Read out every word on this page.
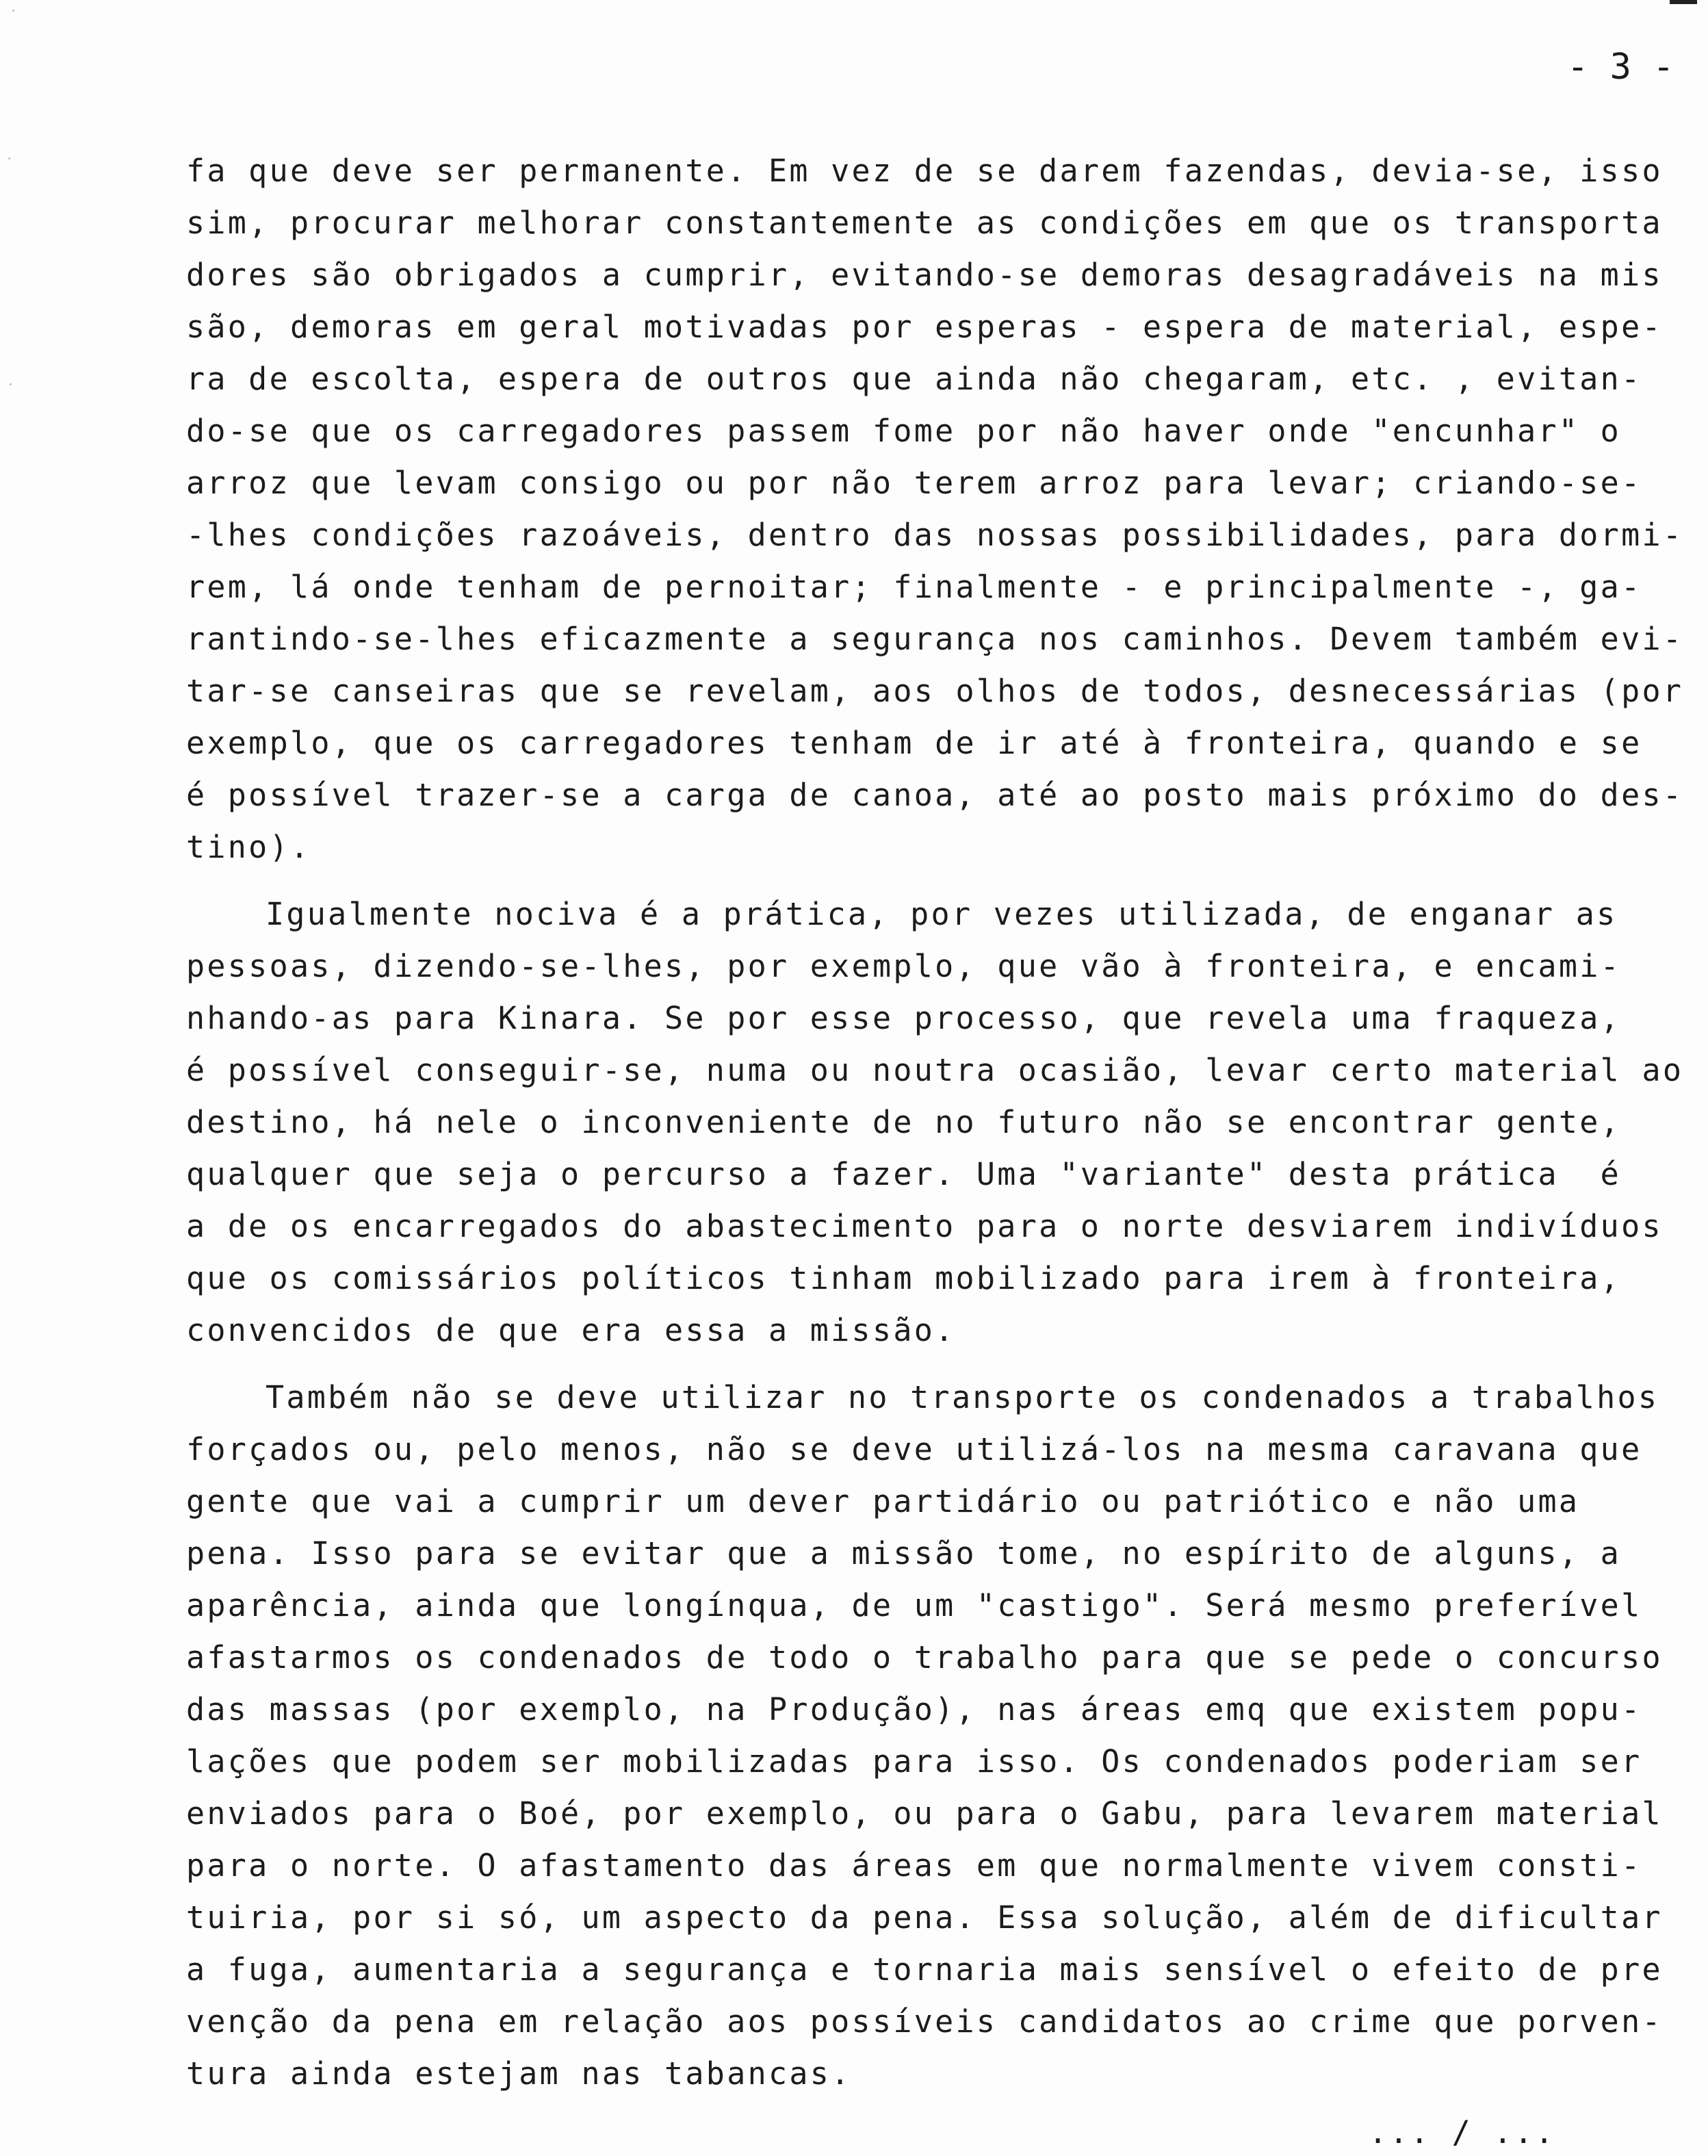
- 3 -
fa que deve ser permanente. Em vez de se darem fazendas, devia-se, isso
sim, procurar melhorar constantemente as condições em que os transporta
dores são obrigados a cumprir, evitando-se demoras desagradáveis na mis
são, demoras em geral motivadas por esperas - espera de material, espe-
ra de escolta, espera de outros que ainda não chegaram, etc. , evitan-
do-se que os carregadores passem fome por não haver onde "encunhar" o
arroz que levam consigo ou por não terem arroz para levar; criando-se-
-lhes condições razoáveis, dentro das nossas possibilidades, para dormi-
rem, lá onde tenham de pernoitar; finalmente - e principalmente -, ga-
rantindo-se-lhes eficazmente a segurança nos caminhos. Devem também evi-
tar-se canseiras que se revelam, aos olhos de todos, desnecessárias (por
exemplo, que os carregadores tenham de ir até à fronteira, quando e se
é possível trazer-se a carga de canoa, até ao posto mais próximo do des-
tino).
Igualmente nociva é a prática, por vezes utilizada, de enganar as
pessoas, dizendo-se-lhes, por exemplo, que vão à fronteira, e encami-
nhando-as para Kinara. Se por esse processo, que revela uma fraqueza,
é possível conseguir-se, numa ou noutra ocasião, levar certo material ao
destino, há nele o inconveniente de no futuro não se encontrar gente,
qualquer que seja o percurso a fazer. Uma "variante" desta prática  é
a de os encarregados do abastecimento para o norte desviarem indivíduos
que os comissários políticos tinham mobilizado para irem à fronteira,
convencidos de que era essa a missão.
Também não se deve utilizar no transporte os condenados a trabalhos
forçados ou, pelo menos, não se deve utilizá-los na mesma caravana que
gente que vai a cumprir um dever partidário ou patriótico e não uma
pena. Isso para se evitar que a missão tome, no espírito de alguns, a
aparência, ainda que longínqua, de um "castigo". Será mesmo preferível
afastarmos os condenados de todo o trabalho para que se pede o concurso
das massas (por exemplo, na Produção), nas áreas emq que existem popu-
lações que podem ser mobilizadas para isso. Os condenados poderiam ser
enviados para o Boé, por exemplo, ou para o Gabu, para levarem material
para o norte. O afastamento das áreas em que normalmente vivem consti-
tuiria, por si só, um aspecto da pena. Essa solução, além de dificultar
a fuga, aumentaria a segurança e tornaria mais sensível o efeito de pre
venção da pena em relação aos possíveis candidatos ao crime que porven-
tura ainda estejam nas tabancas.
... / ...
